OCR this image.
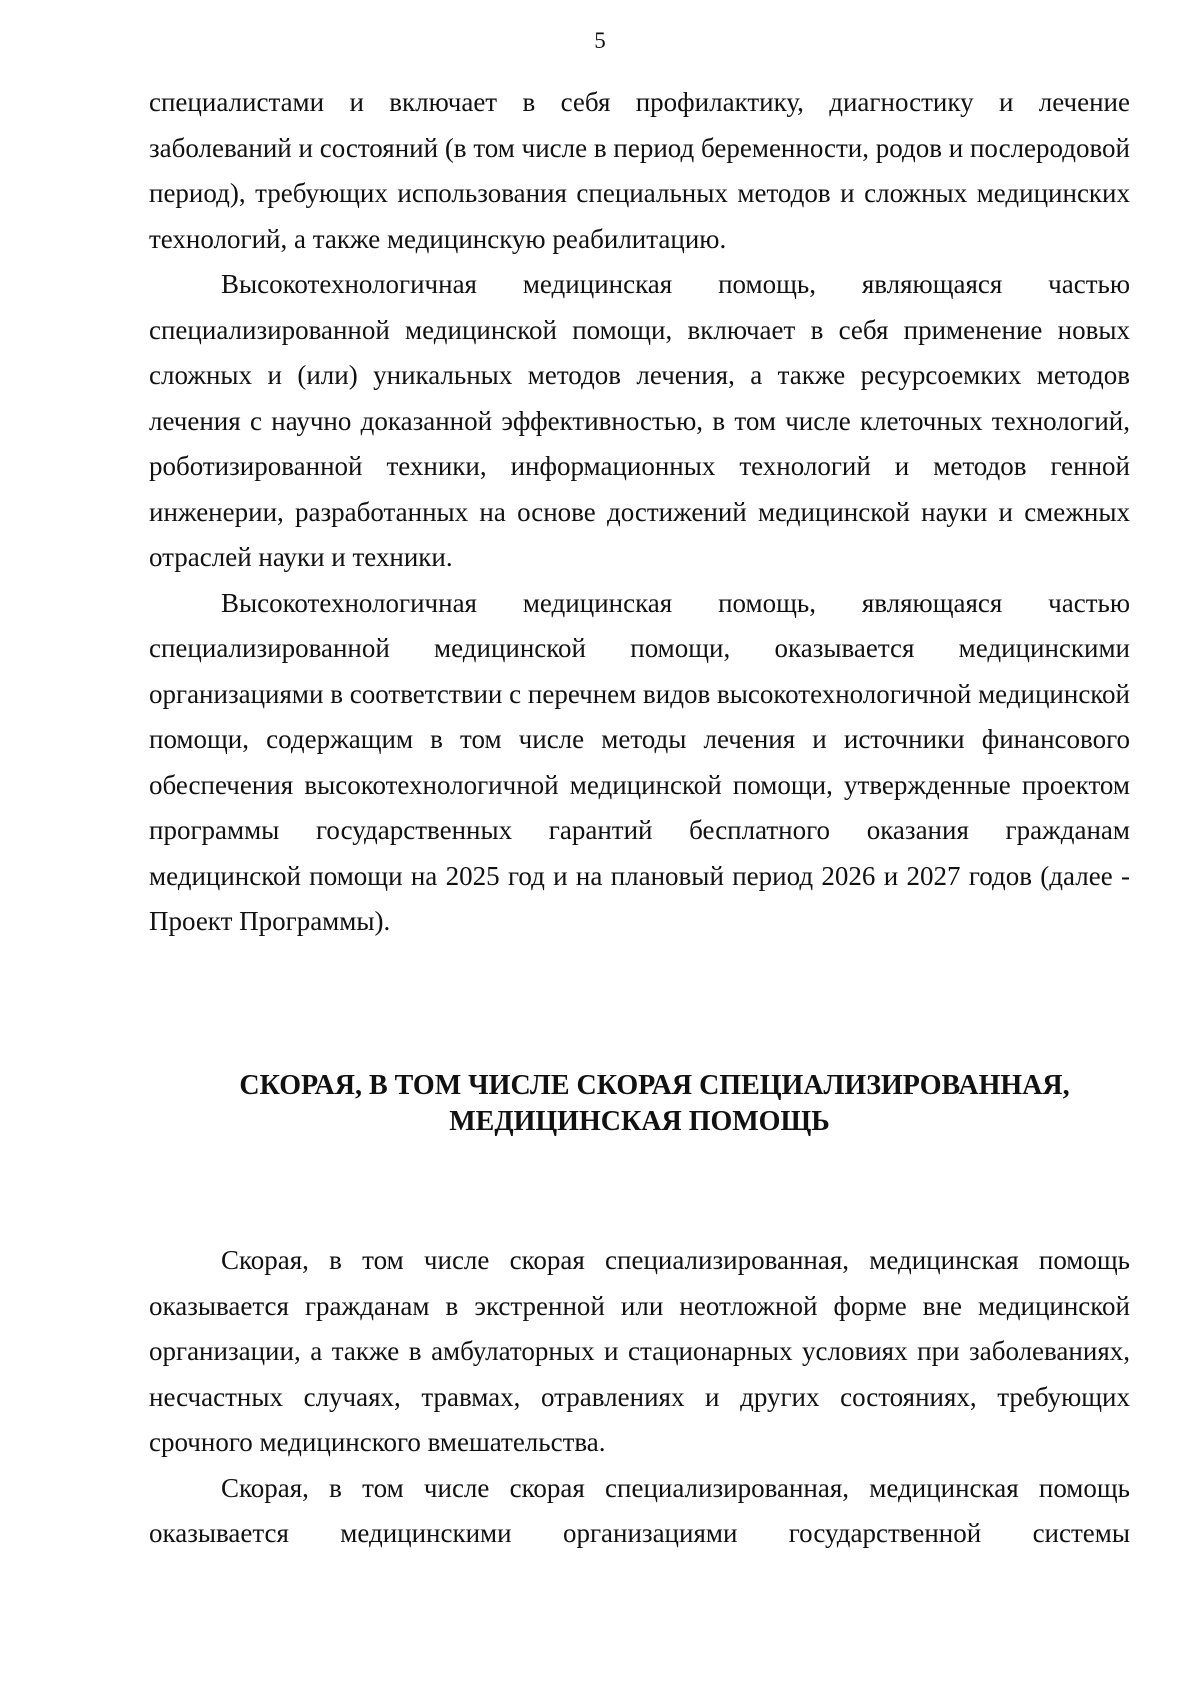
5

специалистами и включает в себя профилактику, диагностику и лечение заболеваний и состояний (в том числе в период беременности, родов и послеродовой период), требующих использования специальных методов и сложных медицинских технологий, а также медицинскую реабилитацию.

Высокотехнологичная медицинская помощь, являющаяся частью специализированной медицинской помощи, включает в себя применение новых сложных и (или) уникальных методов лечения, а также ресурсоемких методов лечения с научно доказанной эффективностью, в том числе клеточных технологий, роботизированной техники, информационных технологий и методов генной инженерии, разработанных на основе достижений медицинской науки и смежных отраслей науки и техники.

Высокотехнологичная медицинская помощь, являющаяся частью специализированной медицинской помощи, оказывается медицинскими организациями в соответствии с перечнем видов высокотехнологичной медицинской помощи, содержащим в том числе методы лечения и источники финансового обеспечения высокотехнологичной медицинской помощи, утвержденные проектом программы государственных гарантий бесплатного оказания гражданам медицинской помощи на 2025 год и на плановый период 2026 и 2027 годов (далее - Проект Программы).

СКОРАЯ, В ТОМ ЧИСЛЕ СКОРАЯ СПЕЦИАЛИЗИРОВАННАЯ,
МЕДИЦИНСКАЯ ПОМОЩЬ

Скорая, в том числе скорая специализированная, медицинская помощь оказывается гражданам в экстренной или неотложной форме вне медицинской организации, а также в амбулаторных и стационарных условиях при заболеваниях, несчастных случаях, травмах, отравлениях и других состояниях, требующих срочного медицинского вмешательства.

Скорая, в том числе скорая специализированная, медицинская помощь оказывается медицинскими организациями государственной системы
